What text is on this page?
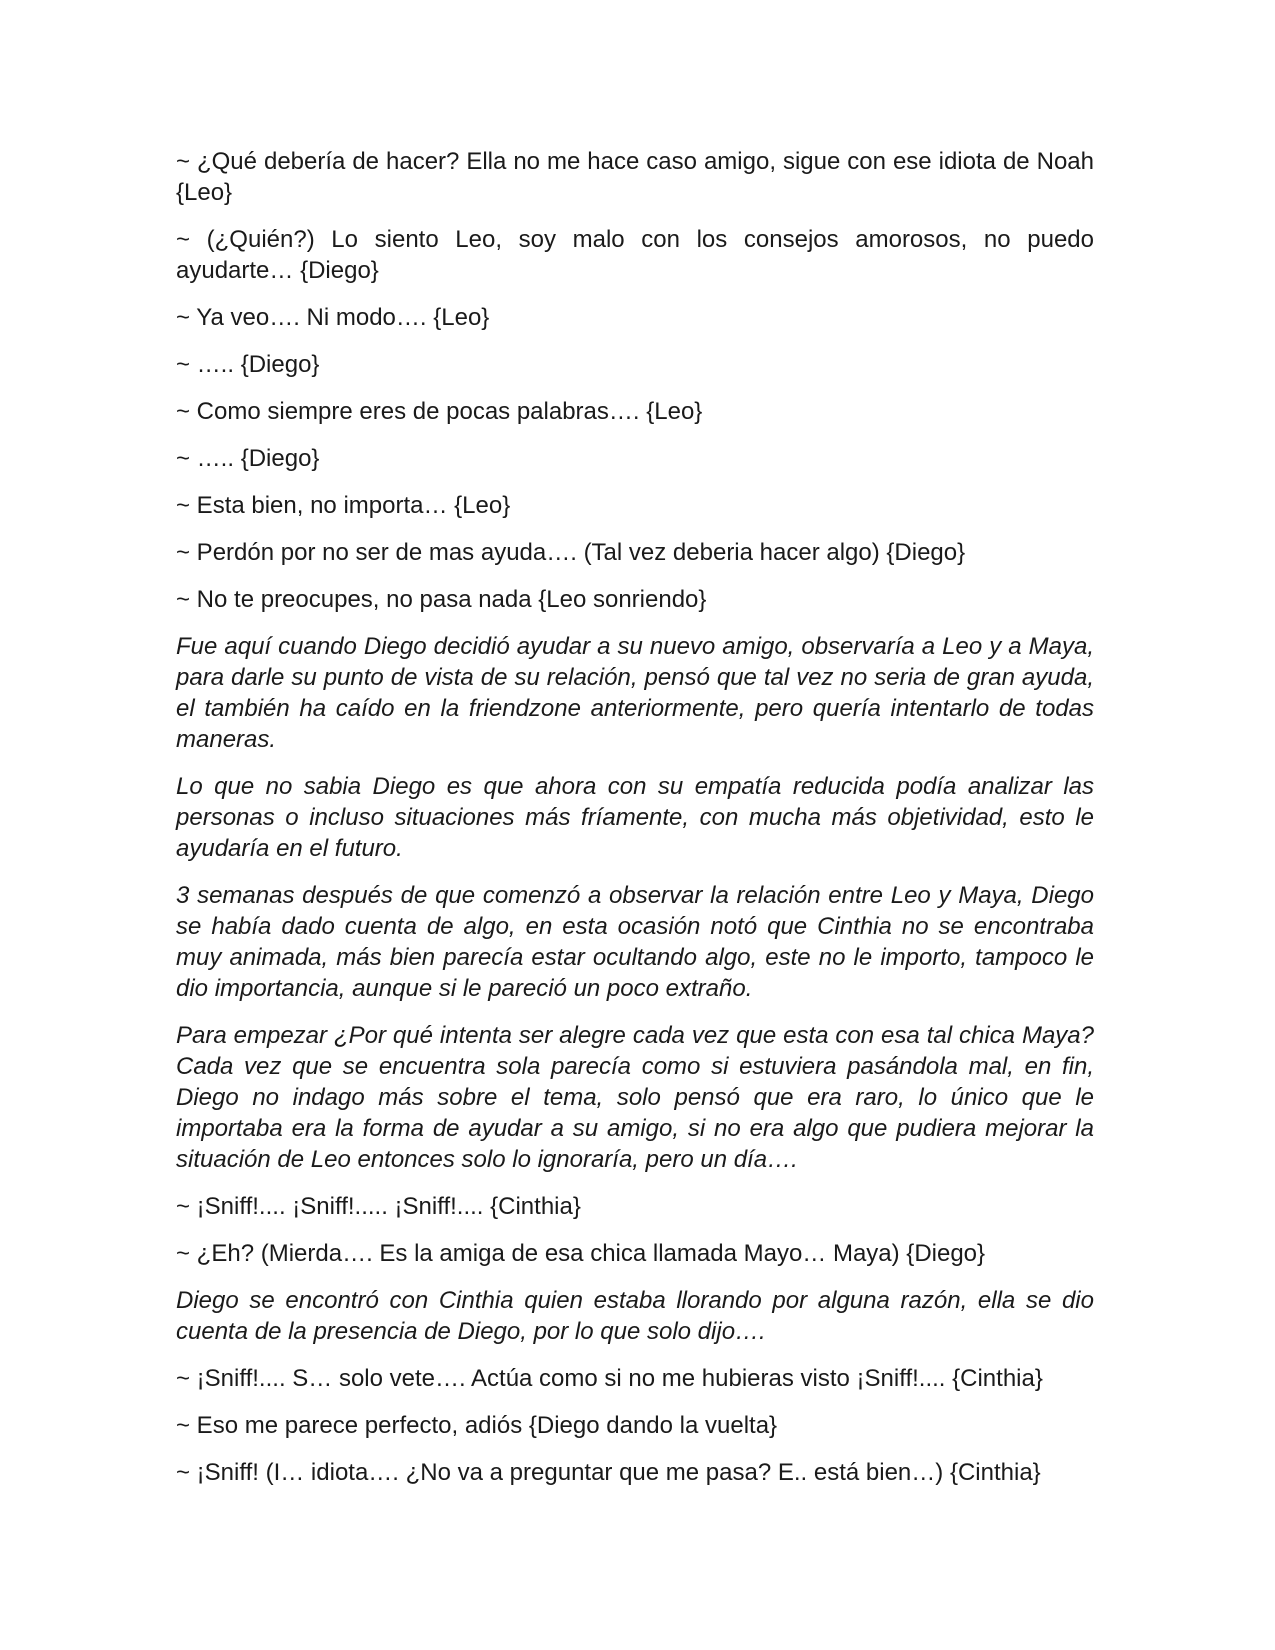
~ ¿Qué debería de hacer? Ella no me hace caso amigo, sigue con ese idiota de Noah {Leo}

~ (¿Quién?) Lo siento Leo, soy malo con los consejos amorosos, no puedo ayudarte… {Diego}

~ Ya veo…. Ni modo…. {Leo}

~ ….. {Diego}

~ Como siempre eres de pocas palabras…. {Leo}

~ ….. {Diego}

~ Esta bien, no importa… {Leo}

~ Perdón por no ser de mas ayuda…. (Tal vez deberia hacer algo) {Diego}

~ No te preocupes, no pasa nada {Leo sonriendo}

Fue aquí cuando Diego decidió ayudar a su nuevo amigo, observaría a Leo y a Maya, para darle su punto de vista de su relación, pensó que tal vez no seria de gran ayuda, el también ha caído en la friendzone anteriormente, pero quería intentarlo de todas maneras.

Lo que no sabia Diego es que ahora con su empatía reducida podía analizar las personas o incluso situaciones más fríamente, con mucha más objetividad, esto le ayudaría en el futuro.

3 semanas después de que comenzó a observar la relación entre Leo y Maya, Diego se había dado cuenta de algo, en esta ocasión notó que Cinthia no se encontraba muy animada, más bien parecía estar ocultando algo, este no le importo, tampoco le dio importancia, aunque si le pareció un poco extraño.

Para empezar ¿Por qué intenta ser alegre cada vez que esta con esa tal chica Maya? Cada vez que se encuentra sola parecía como si estuviera pasándola mal, en fin, Diego no indago más sobre el tema, solo pensó que era raro, lo único que le importaba era la forma de ayudar a su amigo, si no era algo que pudiera mejorar la situación de Leo entonces solo lo ignoraría, pero un día….

~ ¡Sniff!.... ¡Sniff!..... ¡Sniff!.... {Cinthia}

~ ¿Eh? (Mierda…. Es la amiga de esa chica llamada Mayo… Maya) {Diego}

Diego se encontró con Cinthia quien estaba llorando por alguna razón, ella se dio cuenta de la presencia de Diego, por lo que solo dijo….

~ ¡Sniff!.... S… solo vete…. Actúa como si no me hubieras visto ¡Sniff!.... {Cinthia}

~ Eso me parece perfecto, adiós {Diego dando la vuelta}

~ ¡Sniff! (I… idiota…. ¿No va a preguntar que me pasa? E.. está bien…) {Cinthia}
